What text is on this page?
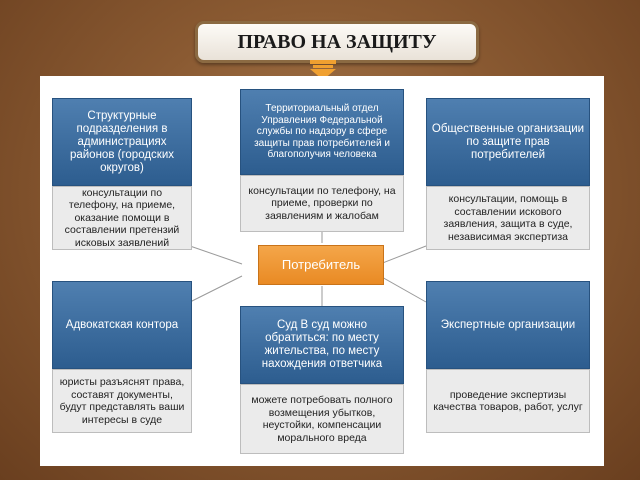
ПРАВО НА ЗАЩИТУ
Структурные подразделения в администрациях районов (городских округов)
консультации по телефону, на приеме, оказание помощи в составлении претензий исковых заявлений
Территориальный отдел Управления Федеральной службы по надзору в сфере защиты прав потребителей и благополучия человека
консультации по телефону, на приеме, проверки по заявлениям и жалобам
Общественные организации по защите прав потребителей
консультации, помощь в составлении искового заявления, защита в суде, независимая экспертиза
Потребитель
Адвокатская контора
юристы разъяснят права, составят документы, будут представлять ваши интересы в суде
Суд В суд можно обратиться: по месту жительства, по месту нахождения ответчика
можете потребовать полного возмещения убытков, неустойки, компенсации морального вреда
Экспертные организации
проведение экспертизы качества товаров, работ, услуг
